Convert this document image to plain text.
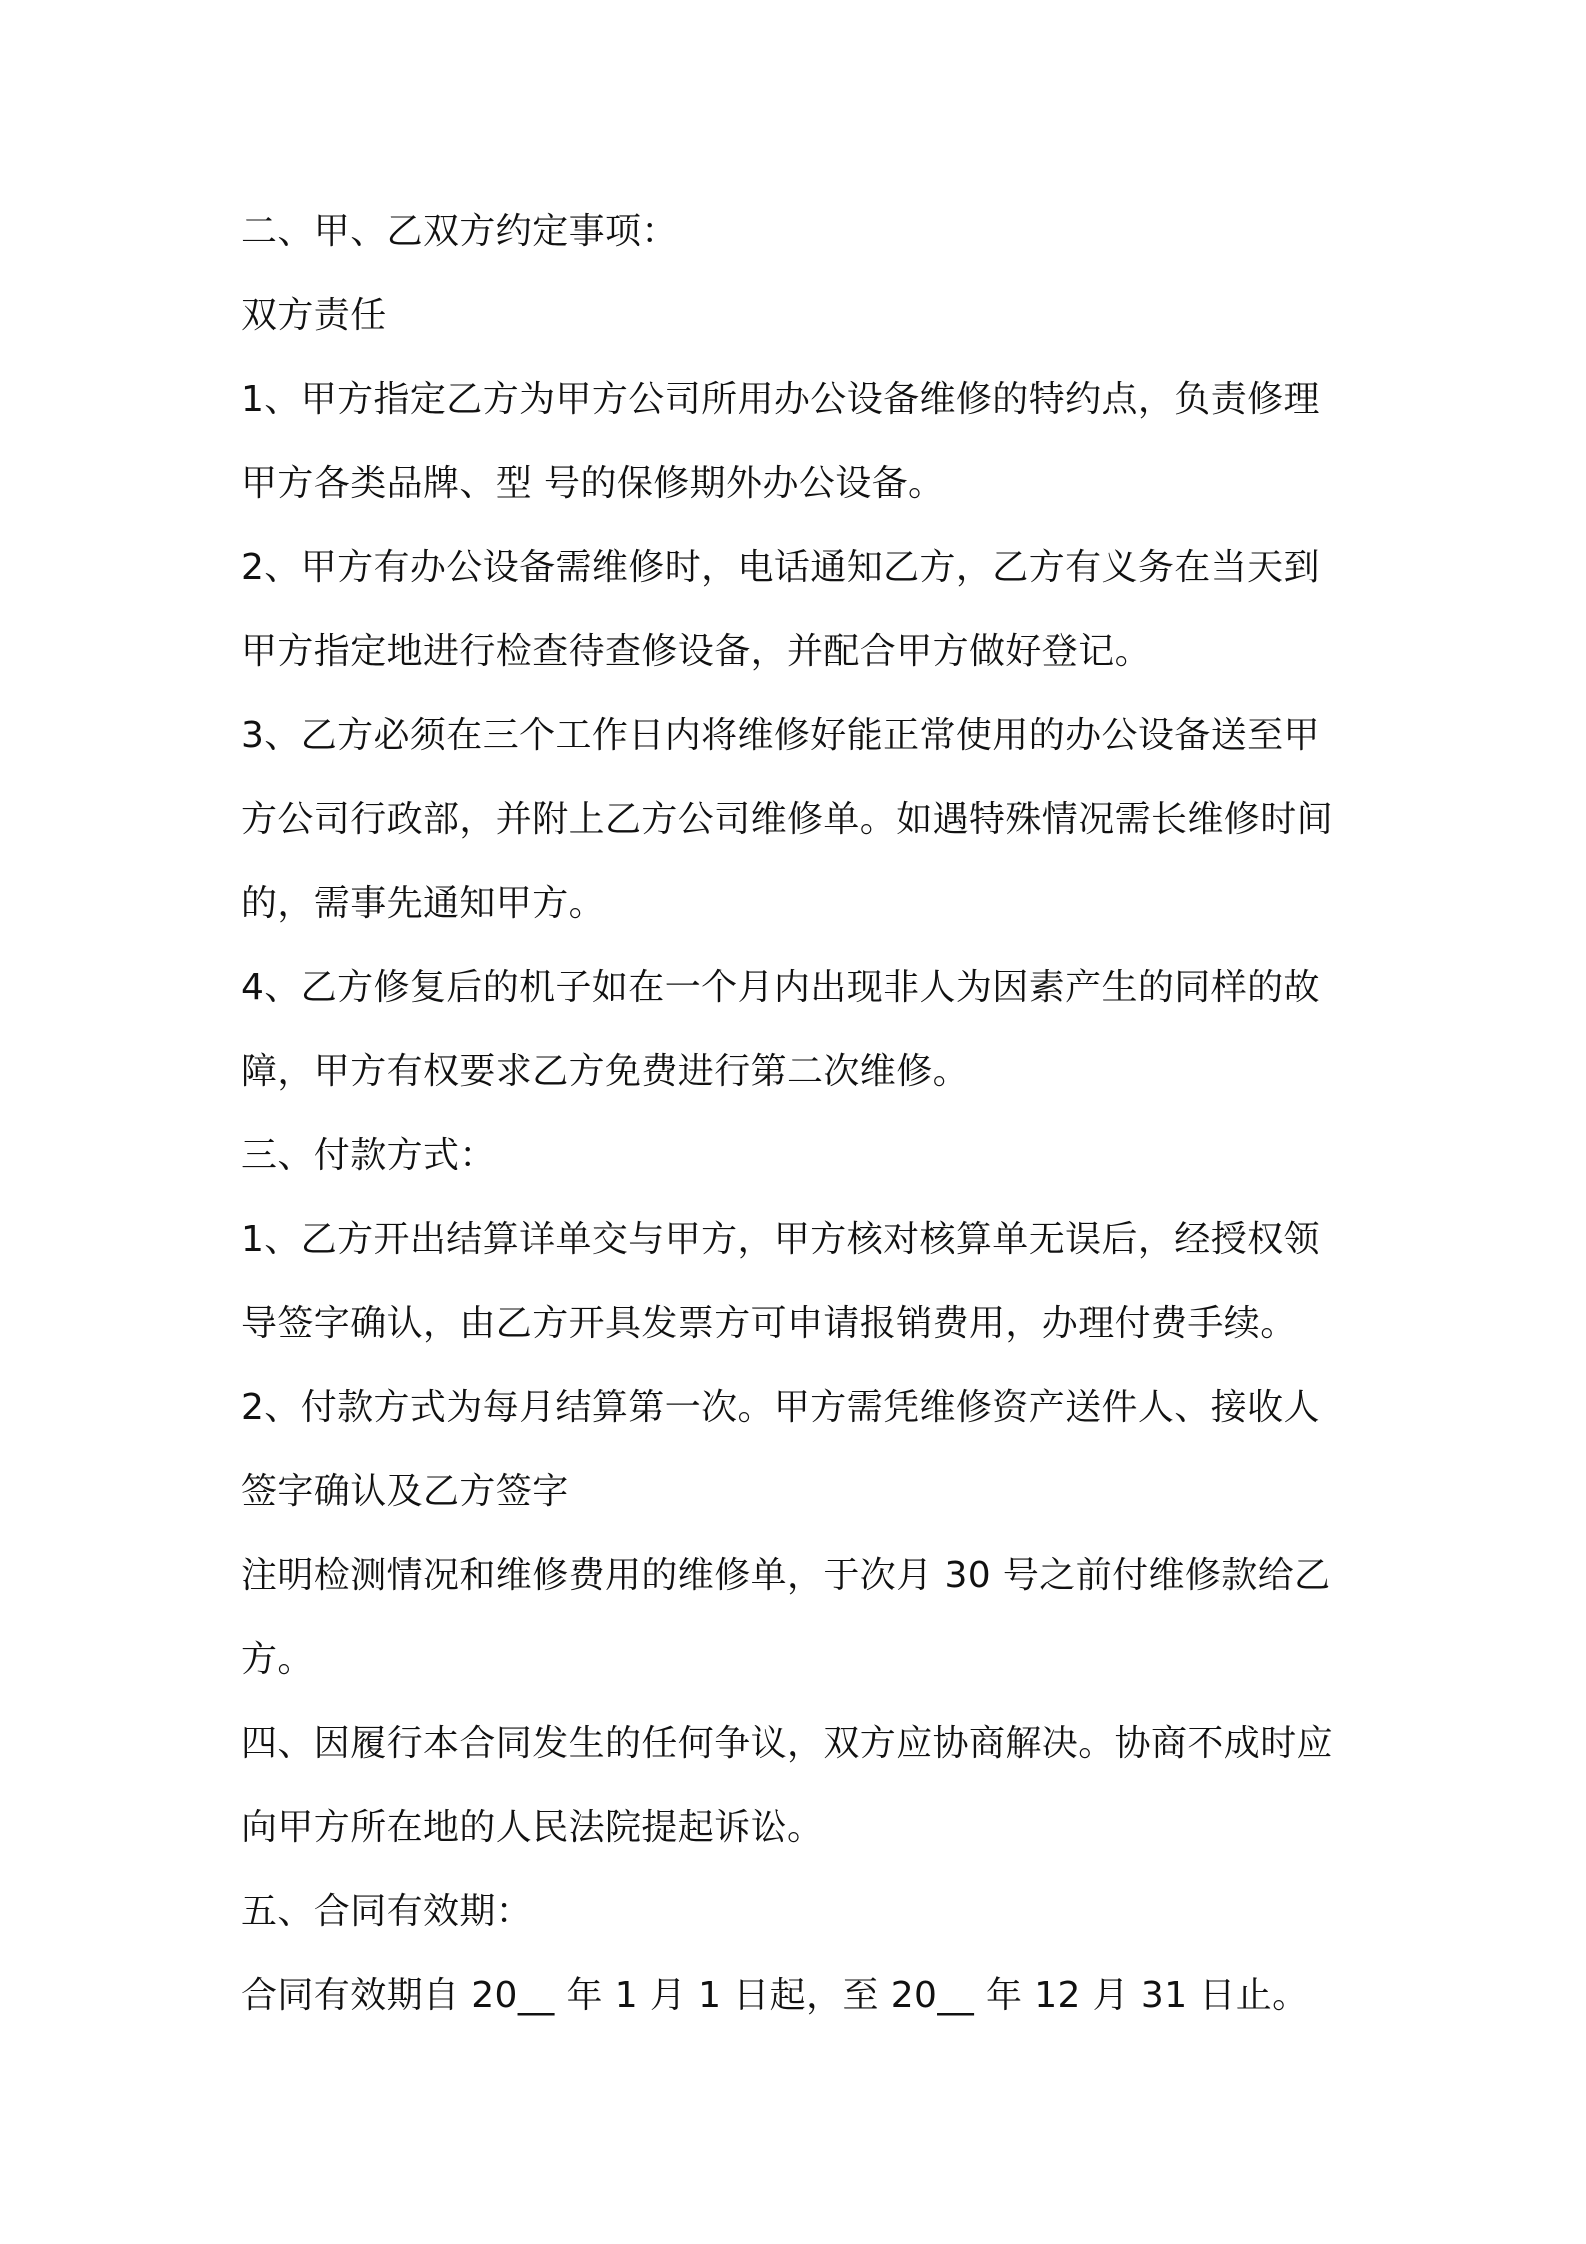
二、甲、乙双方约定事项：
双方责任
1、甲方指定乙方为甲方公司所用办公设备维修的特约点，负责修理
甲方各类品牌、型 号的保修期外办公设备。
2、甲方有办公设备需维修时，电话通知乙方，乙方有义务在当天到
甲方指定地进行检查待查修设备，并配合甲方做好登记。
3、乙方必须在三个工作日内将维修好能正常使用的办公设备送至甲
方公司行政部，并附上乙方公司维修单。如遇特殊情况需长维修时间
的，需事先通知甲方。
4、乙方修复后的机子如在一个月内出现非人为因素产生的同样的故
障，甲方有权要求乙方免费进行第二次维修。
三、付款方式：
1、乙方开出结算详单交与甲方，甲方核对核算单无误后，经授权领
导签字确认，由乙方开具发票方可申请报销费用，办理付费手续。
2、付款方式为每月结算第一次。甲方需凭维修资产送件人、接收人
签字确认及乙方签字
注明检测情况和维修费用的维修单，于次月 30 号之前付维修款给乙
方。
四、因履行本合同发生的任何争议，双方应协商解决。协商不成时应
向甲方所在地的人民法院提起诉讼。
五、合同有效期：
合同有效期自 20__ 年 1 月 1 日起，至 20__ 年 12 月 31 日止。
